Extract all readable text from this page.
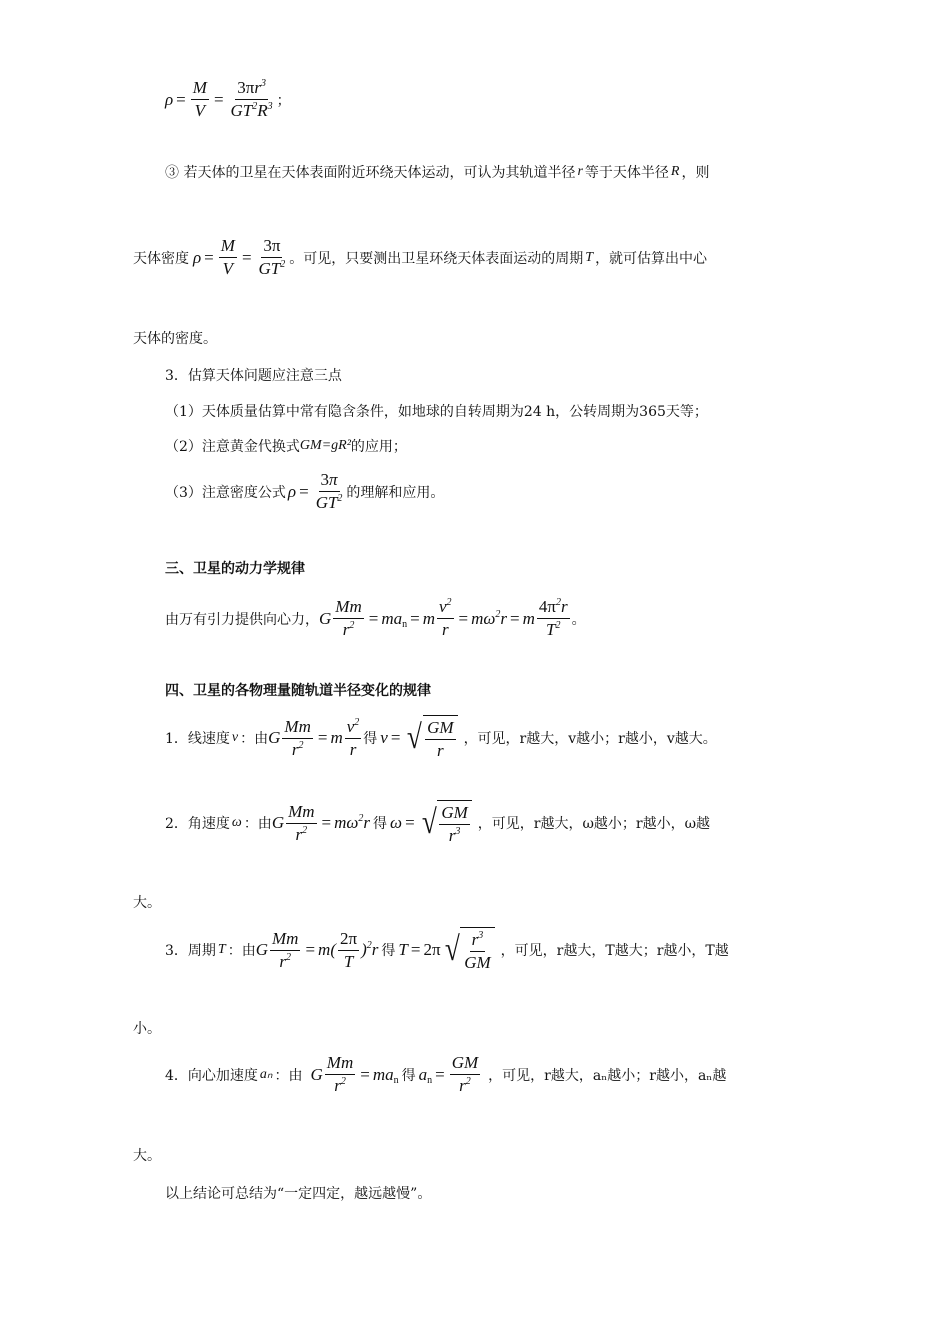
$\rho = \frac{M}{V} = \frac{3\pi r^3}{GT^2R^3}$ ；
③ 若天体的卫星在天体表面附近环绕天体运动，可认为其轨道半径 r 等于天体半径 R ，则
天体密度 $\rho = \frac{M}{V} = \frac{3\pi}{GT^2}$ 。可见，只要测出卫星环绕天体表面运动的周期 T ，就可估算出中心
天体的密度。
3．估算天体问题应注意三点
（1）天体质量估算中常有隐含条件，如地球的自转周期为24 h，公转周期为365天等；
（2）注意黄金代换式 GM=gR² 的应用；
（3）注意密度公式 $\rho = \frac{3\pi}{GT^2}$ 的理解和应用。
三、卫星的动力学规律
由万有引力提供向心力， G $\frac{Mm}{r^2} = ma_n = m \frac{v^2}{r} = m\omega^2r = m \frac{4\pi^2r}{T^2}$ 。
四、卫星的各物理量随轨道半径变化的规律
1．线速度 v ：由 G $\frac{Mm}{r^2} = m \frac{v^2}{r}$ 得 v = √ $\frac{GM}{r}$ ，可见，r越大，v越小；r越小，v越大。
2．角速度 ω ：由 G $\frac{Mm}{r^2} = m\omega^2r$ 得 ω = √ $\frac{GM}{r^3}$ ，可见，r越大，ω越小；r越小，ω越
大。
3．周期 T ：由 G $\frac{Mm}{r^2} = m( \frac{2\pi}{T} )^2r$ 得 T = 2π √ $\frac{r^3}{GM}$ ，可见，r越大，T越大；r越小，T越
小。
4．向心加速度 aₙ ：由 G $\frac{Mm}{r^2} = ma_n$ 得 $a_n = \frac{GM}{r^2}$ ，可见，r越大，aₙ越小；r越小，aₙ越
大。
以上结论可总结为“一定四定，越远越慢”。
